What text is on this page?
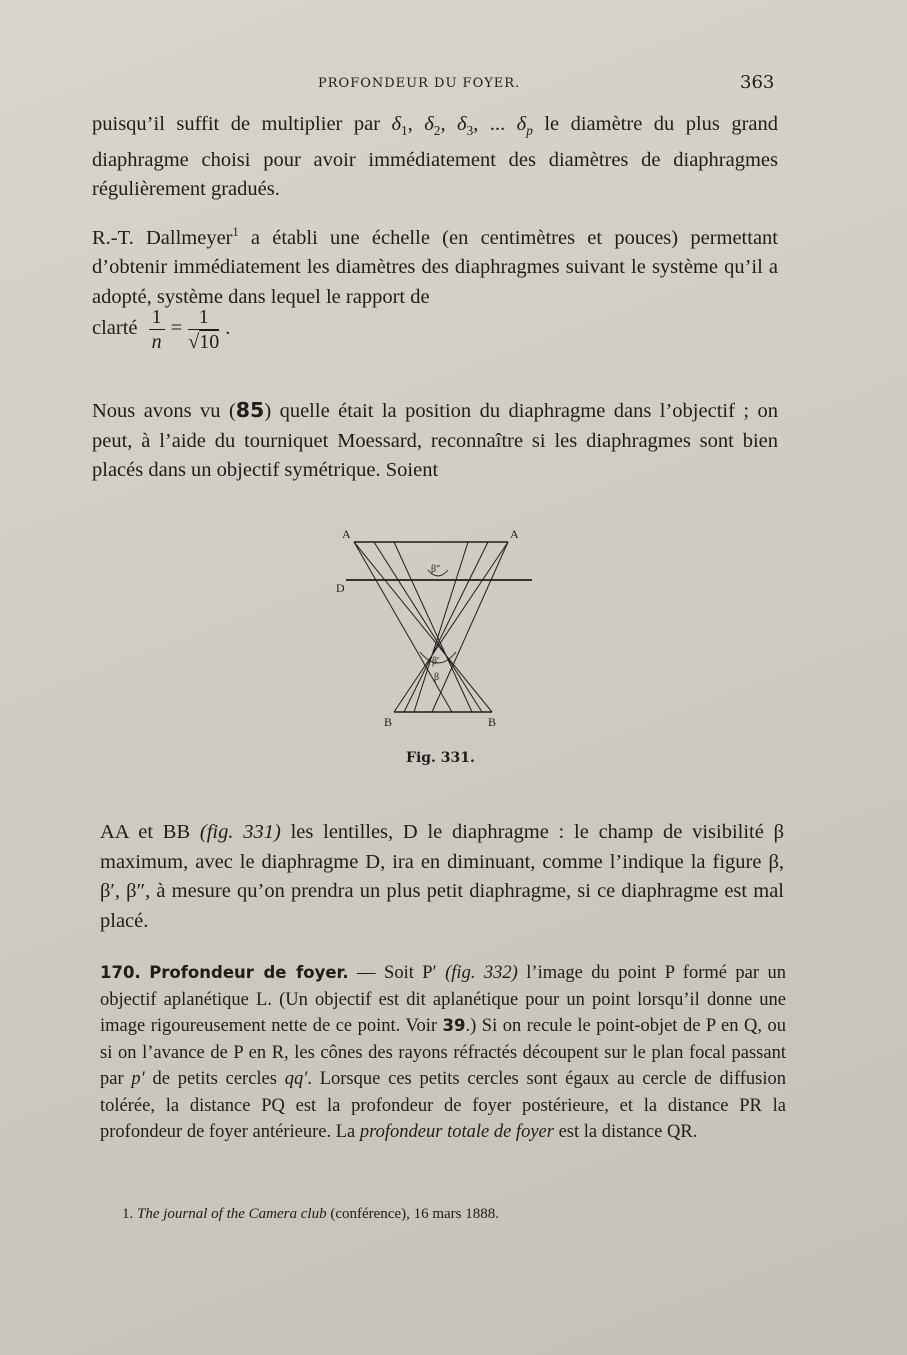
PROFONDEUR DU FOYER.	363

puisqu’il suffit de multiplier par $\delta_1$, $\delta_2$, $\delta_3$, ... $\delta_p$ le diamètre du plus grand diaphragme choisi pour avoir immédiatement des diamètres de diaphragmes régulièrement gradués.

R.-T. Dallmeyer$^1$ a établi une échelle (en centimètres et pouces) permettant d’obtenir immédiatement les diamètres des diaphragmes suivant le système qu’il a adopté, système dans lequel le rapport de

clarté $\frac{1}{n} = \frac{1}{√10}$ .

Nous avons vu (85) quelle était la position du diaphragme dans l’objectif ; on peut, à l’aide du tourniquet Moessard, reconnaître si les diaphragmes sont bien placés dans un objectif symétrique. Soient

A	A
D
B	B
β″
β′
β
Fig. 331.

AA et BB (fig. 331) les lentilles, D le diaphragme : le champ de visibilité β maximum, avec le diaphragme D, ira en diminuant, comme l’indique la figure β, β′, β″, à mesure qu’on prendra un plus petit diaphragme, si ce diaphragme est mal placé.

170. Profondeur de foyer. — Soit P′ (fig. 332) l’image du point P formé par un objectif aplanétique L. (Un objectif est dit aplanétique pour un point lorsqu’il donne une image rigoureusement nette de ce point. Voir 39.) Si on recule le point-objet de P en Q, ou si on l’avance de P en R, les cônes des rayons réfractés découpent sur le plan focal passant par p′ de petits cercles qq′. Lorsque ces petits cercles sont égaux au cercle de diffusion tolérée, la distance PQ est la profondeur de foyer postérieure, et la distance PR la profondeur de foyer antérieure. La profondeur totale de foyer est la distance QR.

1. The journal of the Camera club (conférence), 16 mars 1888.
